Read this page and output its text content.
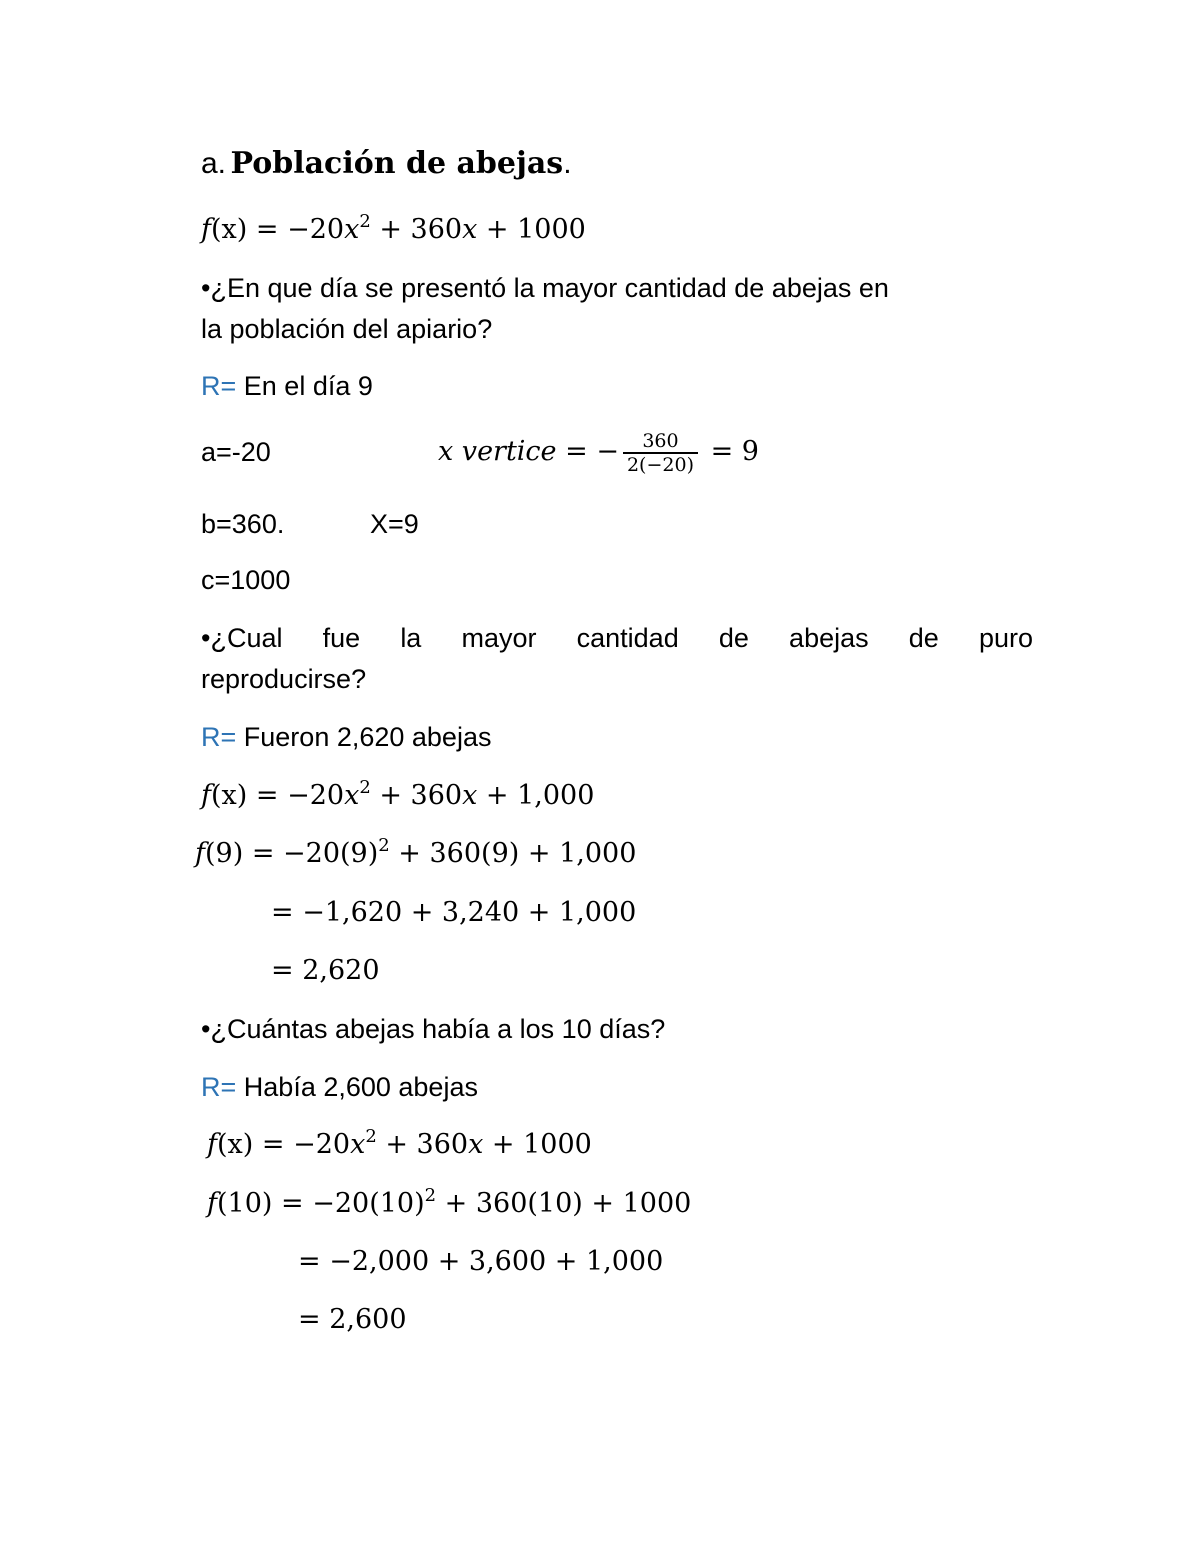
a. Población de abejas.
$f(x) = -20x^2 + 360x + 1000$
•¿En que día se presentó la mayor cantidad de abejas en
la población del apiario?
R= En el día 9
a=-20	x vertice = − $\frac{360}{2(-20)} = 9$
b=360.	X=9
c=1000
•¿Cual fue la mayor cantidad de abejas de puro
reproducirse?
R= Fueron 2,620 abejas
$f(x) = -20x^2 + 360x + 1,000$
$f(9) = -20(9)^2 + 360(9) + 1,000$
= −1,620 + 3,240 + 1,000
= 2,620
•¿Cuántas abejas había a los 10 días?
R= Había 2,600 abejas
$f(x) = -20x^2 + 360x + 1000$
$f(10) = -20(10)^2 + 360(10) + 1000$
= −2,000 + 3,600 + 1,000
= 2,600
